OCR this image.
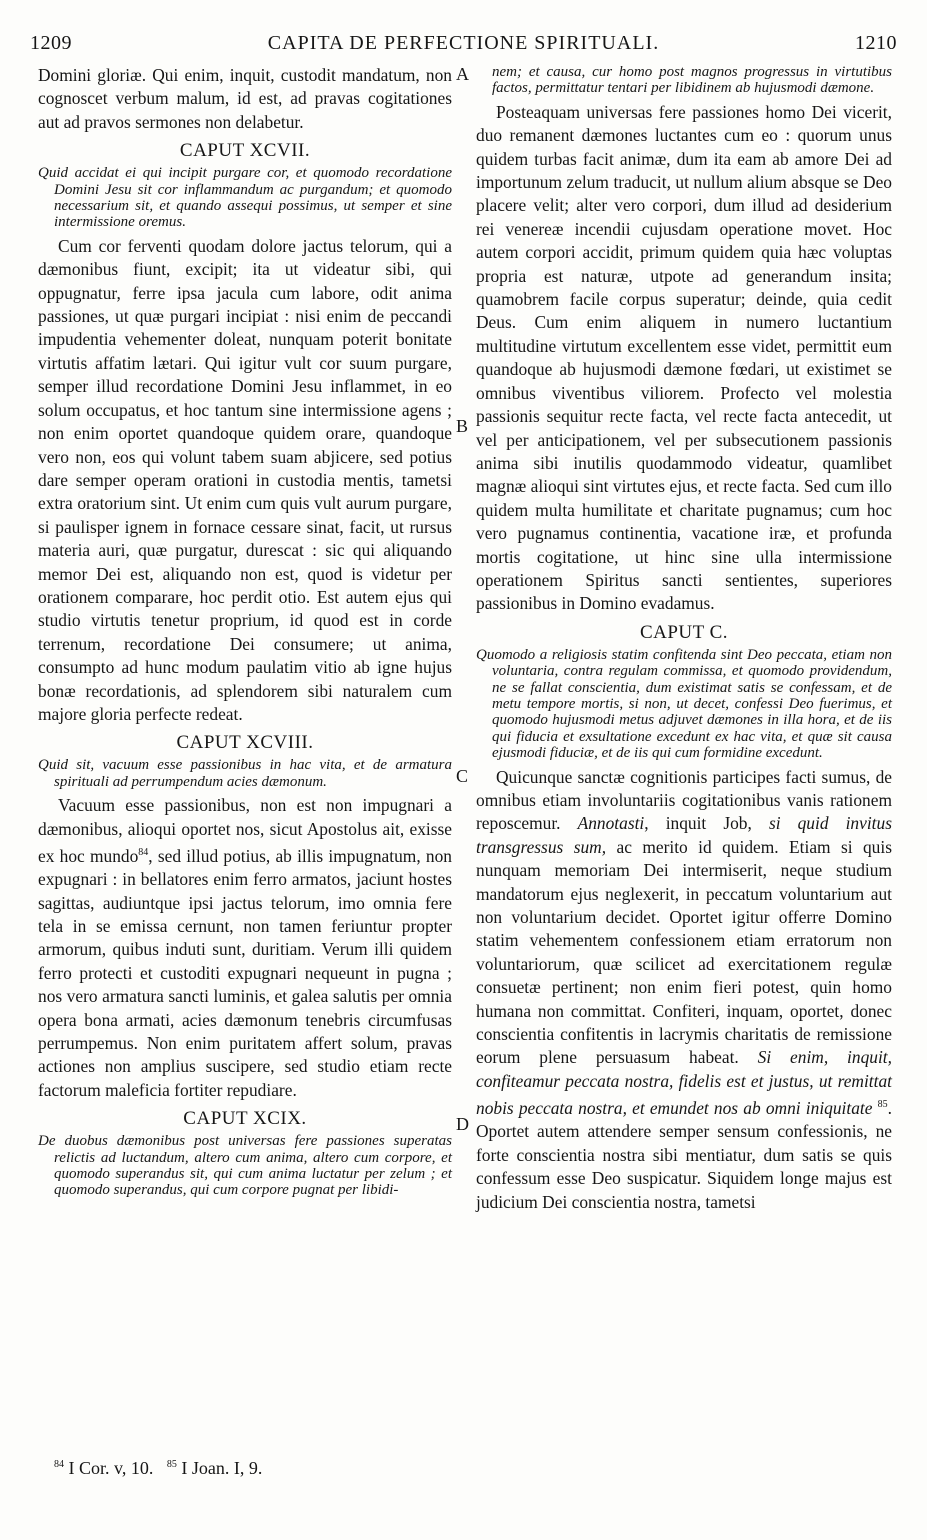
1209	CAPITA DE PERFECTIONE SPIRITUALI.	1210
A
B
C
D

Domini gloriæ. Qui enim, inquit, custodit mandatum, non cognoscet verbum malum, id est, ad pravas cogitationes aut ad pravos sermones non delabetur.

CAPUT XCVII.
Quid accidat ei qui incipit purgare cor, et quomodo recordatione Domini Jesu sit cor inflammandum ac purgandum; et quomodo necessarium sit, et quando assequi possimus, ut semper et sine intermissione oremus.

Cum cor ferventi quodam dolore jactus telorum, qui a dæmonibus fiunt, excipit; ita ut videatur sibi, qui oppugnatur, ferre ipsa jacula cum labore, odit anima passiones, ut quæ purgari incipiat : nisi enim de peccandi impudentia vehementer doleat, nunquam poterit bonitate virtutis affatim lætari. Qui igitur vult cor suum purgare, semper illud recordatione Domini Jesu inflammet, in eo solum occupatus, et hoc tantum sine intermissione agens ; non enim oportet quandoque quidem orare, quandoque vero non, eos qui volunt tabem suam abjicere, sed potius dare semper operam orationi in custodia mentis, tametsi extra oratorium sint. Ut enim cum quis vult aurum purgare, si paulisper ignem in fornace cessare sinat, facit, ut rursus materia auri, quæ purgatur, durescat : sic qui aliquando memor Dei est, aliquando non est, quod is videtur per orationem comparare, hoc perdit otio. Est autem ejus qui studio virtutis tenetur proprium, id quod est in corde terrenum, recordatione Dei consumere; ut anima, consumpto ad hunc modum paulatim vitio ab igne hujus bonæ recordationis, ad splendorem sibi naturalem cum majore gloria perfecte redeat.

CAPUT XCVIII.
Quid sit, vacuum esse passionibus in hac vita, et de armatura spirituali ad perrumpendum acies dæmonum.

Vacuum esse passionibus, non est non impugnari a dæmonibus, alioqui oportet nos, sicut Apostolus ait, exisse ex hoc mundo$^{84}$, sed illud potius, ab illis impugnatum, non expugnari : in bellatores enim ferro armatos, jaciunt hostes sagittas, audiuntque ipsi jactus telorum, imo omnia fere tela in se emissa cernunt, non tamen feriuntur propter armorum, quibus induti sunt, duritiam. Verum illi quidem ferro protecti et custoditi expugnari nequeunt in pugna ; nos vero armatura sancti luminis, et galea salutis per omnia opera bona armati, acies dæmonum tenebris circumfusas perrumpemus. Non enim puritatem affert solum, pravas actiones non amplius suscipere, sed studio etiam recte factorum maleficia fortiter repudiare.

CAPUT XCIX.
De duobus dæmonibus post universas fere passiones superatas relictis ad luctandum, altero cum anima, altero cum corpore, et quomodo superandus sit, qui cum anima luctatur per zelum ; et quomodo superandus, qui cum corpore pugnat per libidi-
nem; et causa, cur homo post magnos progressus in virtutibus factos, permittatur tentari per libidinem ab hujusmodi dæmone.

Posteaquam universas fere passiones homo Dei vicerit, duo remanent dæmones luctantes cum eo : quorum unus quidem turbas facit animæ, dum ita eam ab amore Dei ad importunum zelum traducit, ut nullum alium absque se Deo placere velit; alter vero corpori, dum illud ad desiderium rei venereæ incendii cujusdam operatione movet. Hoc autem corpori accidit, primum quidem quia hæc voluptas propria est naturæ, utpote ad generandum insita; quamobrem facile corpus superatur; deinde, quia cedit Deus. Cum enim aliquem in numero luctantium multitudine virtutum excellentem esse videt, permittit eum quandoque ab hujusmodi dæmone fœdari, ut existimet se omnibus viventibus viliorem. Profecto vel molestia passionis sequitur recte facta, vel recte facta antecedit, ut vel per anticipationem, vel per subsecutionem passionis anima sibi inutilis quodammodo videatur, quamlibet magnæ alioqui sint virtutes ejus, et recte facta. Sed cum illo quidem multa humilitate et charitate pugnamus; cum hoc vero pugnamus continentia, vacatione iræ, et profunda mortis cogitatione, ut hinc sine ulla intermissione operationem Spiritus sancti sentientes, superiores passionibus in Domino evadamus.

CAPUT C.
Quomodo a religiosis statim confitenda sint Deo peccata, etiam non voluntaria, contra regulam commissa, et quomodo providendum, ne se fallat conscientia, dum existimat satis se confessam, et de metu tempore mortis, si non, ut decet, confessi Deo fuerimus, et quomodo hujusmodi metus adjuvet dæmones in illa hora, et de iis qui fiducia et exsultatione excedunt ex hac vita, et quæ sit causa ejusmodi fiduciæ, et de iis qui cum formidine excedunt.

Quicunque sanctæ cognitionis participes facti sumus, de omnibus etiam involuntariis cogitationibus vanis rationem reposcemur. Annotasti, inquit Job, si quid invitus transgressus sum, ac merito id quidem. Etiam si quis nunquam memoriam Dei intermiserit, neque studium mandatorum ejus neglexerit, in peccatum voluntarium aut non voluntarium decidet. Oportet igitur offerre Domino statim vehementem confessionem etiam erratorum non voluntariorum, quæ scilicet ad exercitationem regulæ consuetæ pertinent; non enim fieri potest, quin homo humana non committat. Confiteri, inquam, oportet, donec conscientia confitentis in lacrymis charitatis de remissione eorum plene persuasum habeat. Si enim, inquit, confiteamur peccata nostra, fidelis est et justus, ut remittat nobis peccata nostra, et emundet nos ab omni iniquitate $^{85}$. Oportet autem attendere semper sensum confessionis, ne forte conscientia nostra sibi mentiatur, dum satis se quis confessum esse Deo suspicatur. Siquidem longe majus est judicium Dei conscientia nostra, tametsi

$^{84}$ I Cor. v, 10. $^{85}$ I Joan. I, 9.
